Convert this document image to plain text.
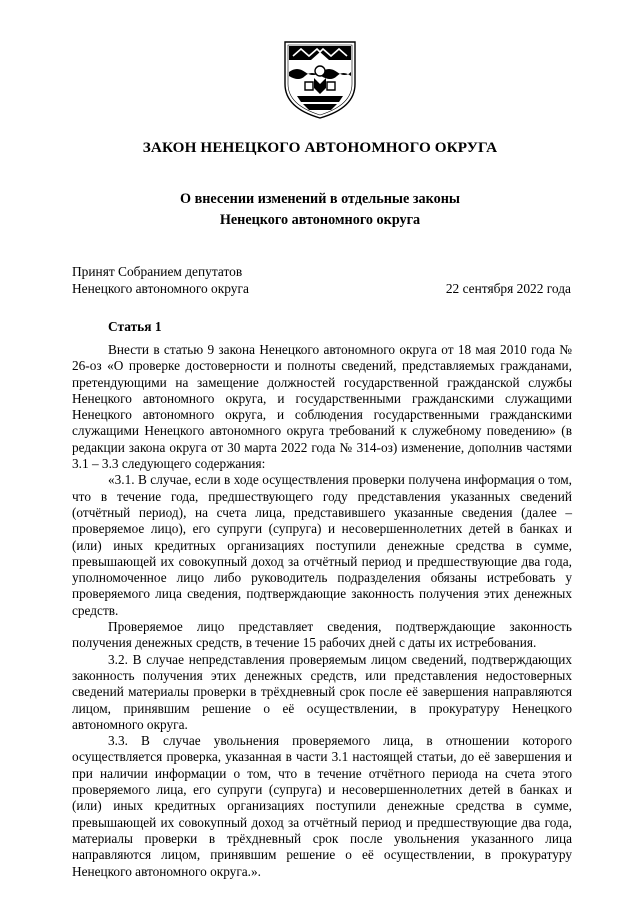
ЗАКОН НЕНЕЦКОГО АВТОНОМНОГО ОКРУГА
О внесении изменений в отдельные законы
Ненецкого автономного округа
Принят Собранием депутатов
Ненецкого автономного округа	22 сентября 2022 года
Статья 1

Внести в статью 9 закона Ненецкого автономного округа от 18 мая 2010 года № 26-оз «О проверке достоверности и полноты сведений, представляемых гражданами, претендующими на замещение должностей государственной гражданской службы Ненецкого автономного округа, и государственными гражданскими служащими Ненецкого автономного округа, и соблюдения государственными гражданскими служащими Ненецкого автономного округа требований к служебному поведению» (в редакции закона округа от 30 марта 2022 года № 314-оз) изменение, дополнив частями 3.1 – 3.3 следующего содержания:

«3.1. В случае, если в ходе осуществления проверки получена информация о том, что в течение года, предшествующего году представления указанных сведений (отчётный период), на счета лица, представившего указанные сведения (далее – проверяемое лицо), его супруги (супруга) и несовершеннолетних детей в банках и (или) иных кредитных организациях поступили денежные средства в сумме, превышающей их совокупный доход за отчётный период и предшествующие два года, уполномоченное лицо либо руководитель подразделения обязаны истребовать у проверяемого лица сведения, подтверждающие законность получения этих денежных средств.

Проверяемое лицо представляет сведения, подтверждающие законность получения денежных средств, в течение 15 рабочих дней с даты их истребования.

3.2. В случае непредставления проверяемым лицом сведений, подтверждающих законность получения этих денежных средств, или представления недостоверных сведений материалы проверки в трёхдневный срок после её завершения направляются лицом, принявшим решение о её осуществлении, в прокуратуру Ненецкого автономного округа.

3.3. В случае увольнения проверяемого лица, в отношении которого осуществляется проверка, указанная в части 3.1 настоящей статьи, до её завершения и при наличии информации о том, что в течение отчётного периода на счета этого проверяемого лица, его супруги (супруга) и несовершеннолетних детей в банках и (или) иных кредитных организациях поступили денежные средства в сумме, превышающей их совокупный доход за отчётный период и предшествующие два года, материалы проверки в трёхдневный срок после увольнения указанного лица направляются лицом, принявшим решение о её осуществлении, в прокуратуру Ненецкого автономного округа.».
